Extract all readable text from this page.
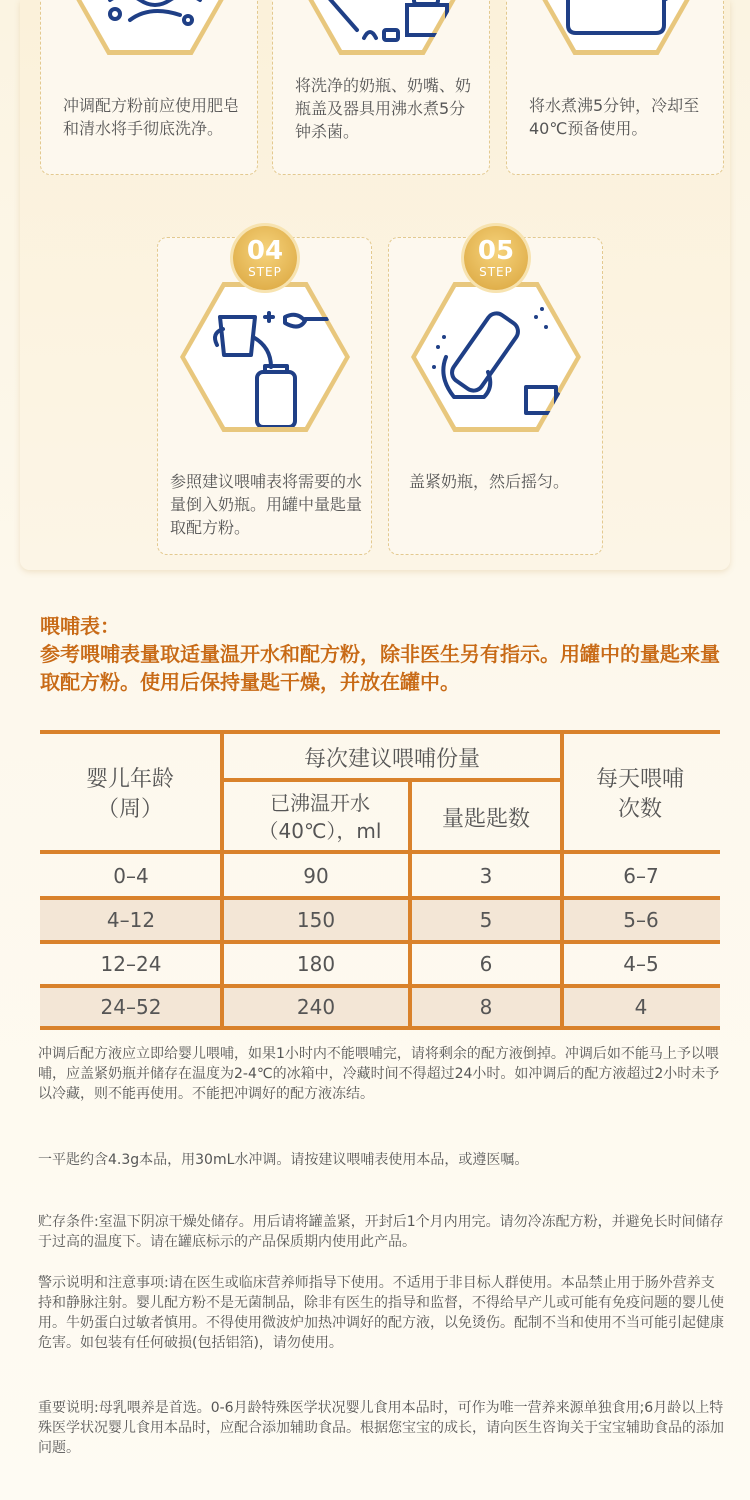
冲调配方粉前应使用肥皂和清水将手彻底洗净。
将洗净的奶瓶、奶嘴、奶瓶盖及器具用沸水煮5分钟杀菌。
将水煮沸5分钟，冷却至40℃预备使用。
04
STEP
参照建议喂哺表将需要的水量倒入奶瓶。用罐中量匙量取配方粉。
05
STEP
盖紧奶瓶，然后摇匀。
喂哺表：
参考喂哺表量取适量温开水和配方粉，除非医生另有指示。用罐中的量匙来量取配方粉。使用后保持量匙干燥，并放在罐中。
婴儿年龄（周）
每次建议喂哺份量
已沸温开水（40℃），ml	量匙匙数
每天喂哺次数
0–4	90	3	6–7
4–12	150	5	5–6
12–24	180	6	4–5
24–52	240	8	4
冲调后配方液应立即给婴儿喂哺，如果1小时内不能喂哺完，请将剩余的配方液倒掉。冲调后如不能马上予以喂哺，应盖紧奶瓶并储存在温度为2-4℃的冰箱中，冷藏时间不得超过24小时。如冲调后的配方液超过2小时未予以冷藏，则不能再使用。不能把冲调好的配方液冻结。
一平匙约含4.3g本品，用30mL水冲调。请按建议喂哺表使用本品，或遵医嘱。
贮存条件:室温下阴凉干燥处储存。用后请将罐盖紧，开封后1个月内用完。请勿冷冻配方粉，并避免长时间储存于过高的温度下。请在罐底标示的产品保质期内使用此产品。
警示说明和注意事项:请在医生或临床营养师指导下使用。不适用于非目标人群使用。本品禁止用于肠外营养支持和静脉注射。婴儿配方粉不是无菌制品，除非有医生的指导和监督，不得给早产儿或可能有免疫问题的婴儿使用。牛奶蛋白过敏者慎用。不得使用微波炉加热冲调好的配方液，以免烫伤。配制不当和使用不当可能引起健康危害。如包装有任何破损(包括铝箔)，请勿使用。
重要说明:母乳喂养是首选。0-6月龄特殊医学状况婴儿食用本品时，可作为唯一营养来源单独食用;6月龄以上特殊医学状况婴儿食用本品时，应配合添加辅助食品。根据您宝宝的成长，请向医生咨询关于宝宝辅助食品的添加问题。
